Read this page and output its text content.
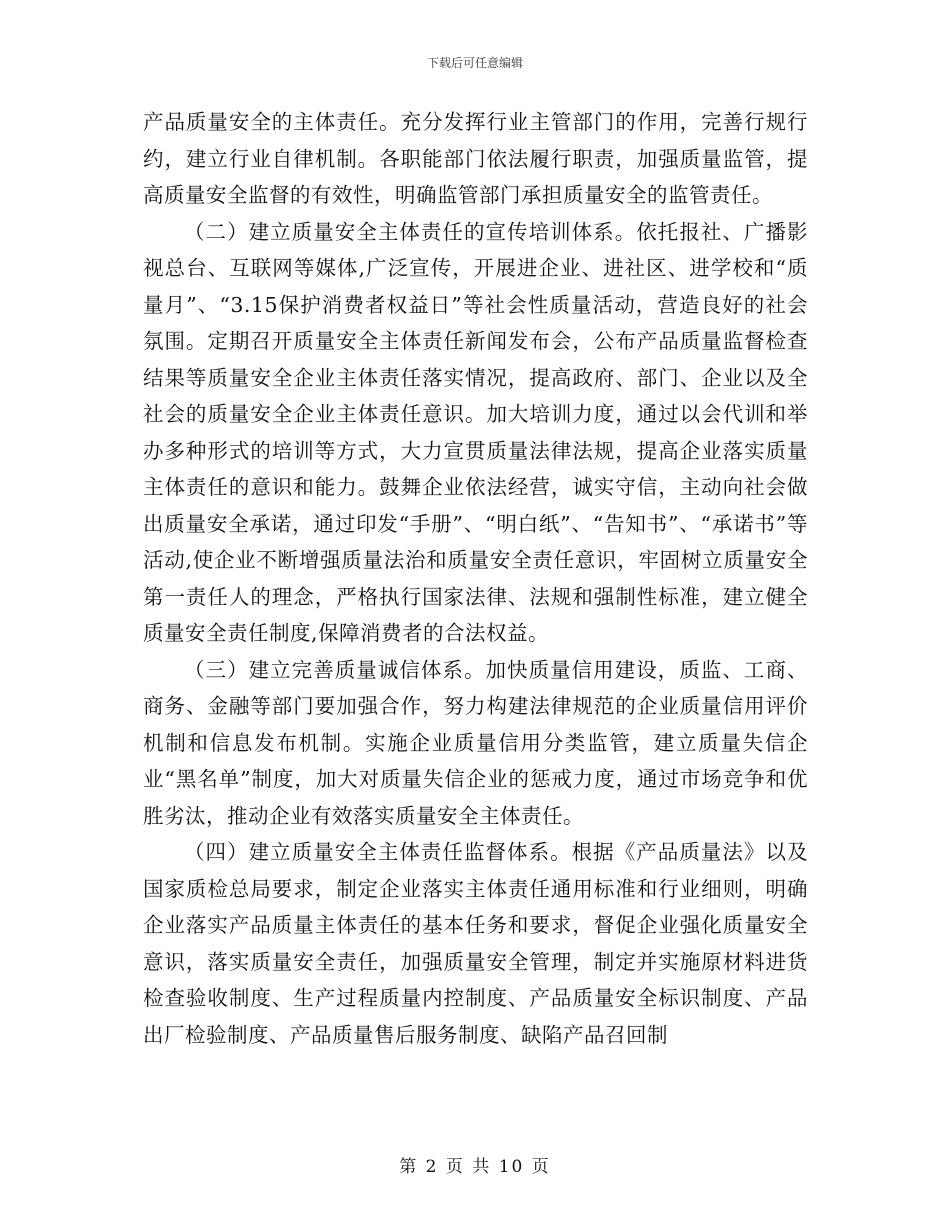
下载后可任意编辑

产品质量安全的主体责任。充分发挥行业主管部门的作用，完善行规行约，建立行业自律机制。各职能部门依法履行职责，加强质量监管，提高质量安全监督的有效性，明确监管部门承担质量安全的监管责任。

（二）建立质量安全主体责任的宣传培训体系。依托报社、广播影视总台、互联网等媒体,广泛宣传，开展进企业、进社区、进学校和“质量月”、“3.15保护消费者权益日”等社会性质量活动，营造良好的社会氛围。定期召开质量安全主体责任新闻发布会，公布产品质量监督检查结果等质量安全企业主体责任落实情况，提高政府、部门、企业以及全社会的质量安全企业主体责任意识。加大培训力度，通过以会代训和举办多种形式的培训等方式，大力宣贯质量法律法规，提高企业落实质量主体责任的意识和能力。鼓舞企业依法经营，诚实守信，主动向社会做出质量安全承诺，通过印发“手册”、“明白纸”、“告知书”、“承诺书”等活动,使企业不断增强质量法治和质量安全责任意识，牢固树立质量安全第一责任人的理念，严格执行国家法律、法规和强制性标准，建立健全质量安全责任制度,保障消费者的合法权益。

（三）建立完善质量诚信体系。加快质量信用建设，质监、工商、商务、金融等部门要加强合作，努力构建法律规范的企业质量信用评价机制和信息发布机制。实施企业质量信用分类监管，建立质量失信企业“黑名单”制度，加大对质量失信企业的惩戒力度，通过市场竞争和优胜劣汰，推动企业有效落实质量安全主体责任。

（四）建立质量安全主体责任监督体系。根据《产品质量法》以及国家质检总局要求，制定企业落实主体责任通用标准和行业细则，明确企业落实产品质量主体责任的基本任务和要求，督促企业强化质量安全意识，落实质量安全责任，加强质量安全管理，制定并实施原材料进货检查验收制度、生产过程质量内控制度、产品质量安全标识制度、产品出厂检验制度、产品质量售后服务制度、缺陷产品召回制

第 2 页 共 10 页
